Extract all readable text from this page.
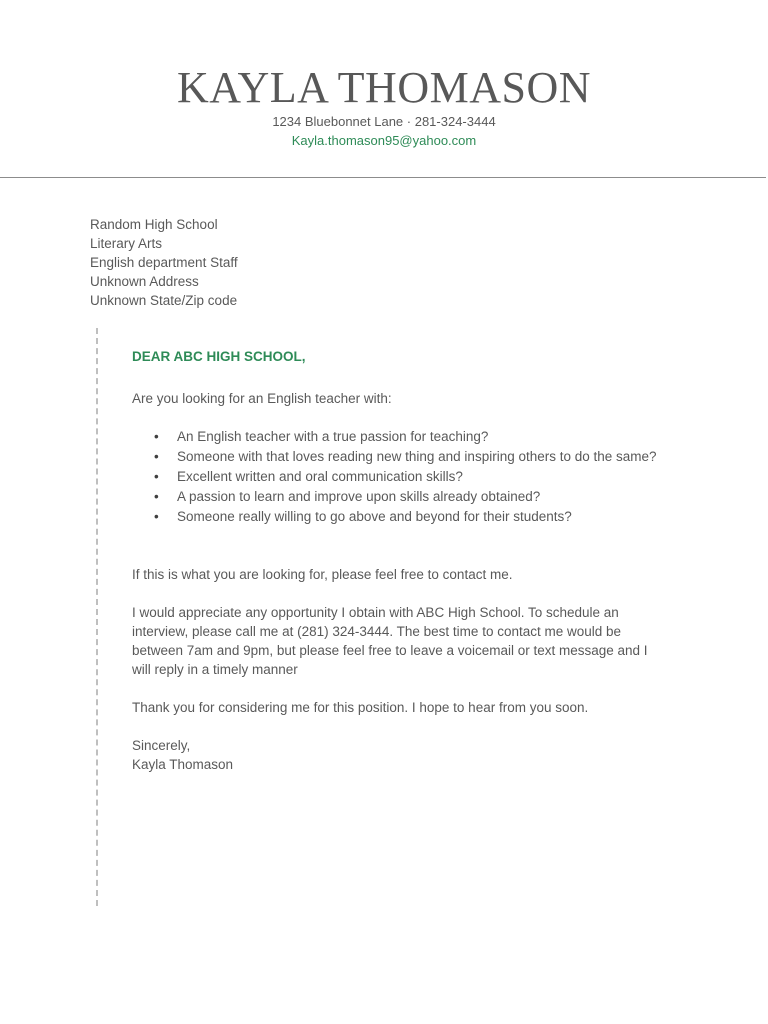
KAYLA THOMASON
1234 Bluebonnet Lane · 281-324-3444
Kayla.thomason95@yahoo.com
Random High School
Literary Arts
English department Staff
Unknown Address
Unknown State/Zip code
DEAR ABC HIGH SCHOOL,
Are you looking for an English teacher with:
• An English teacher with a true passion for teaching?
• Someone with that loves reading new thing and inspiring others to do the same?
• Excellent written and oral communication skills?
• A passion to learn and improve upon skills already obtained?
• Someone really willing to go above and beyond for their students?
If this is what you are looking for, please feel free to contact me.
I would appreciate any opportunity I obtain with ABC High School. To schedule an
interview, please call me at (281) 324-3444. The best time to contact me would be
between 7am and 9pm, but please feel free to leave a voicemail or text message and I
will reply in a timely manner
Thank you for considering me for this position. I hope to hear from you soon.
Sincerely,
Kayla Thomason
